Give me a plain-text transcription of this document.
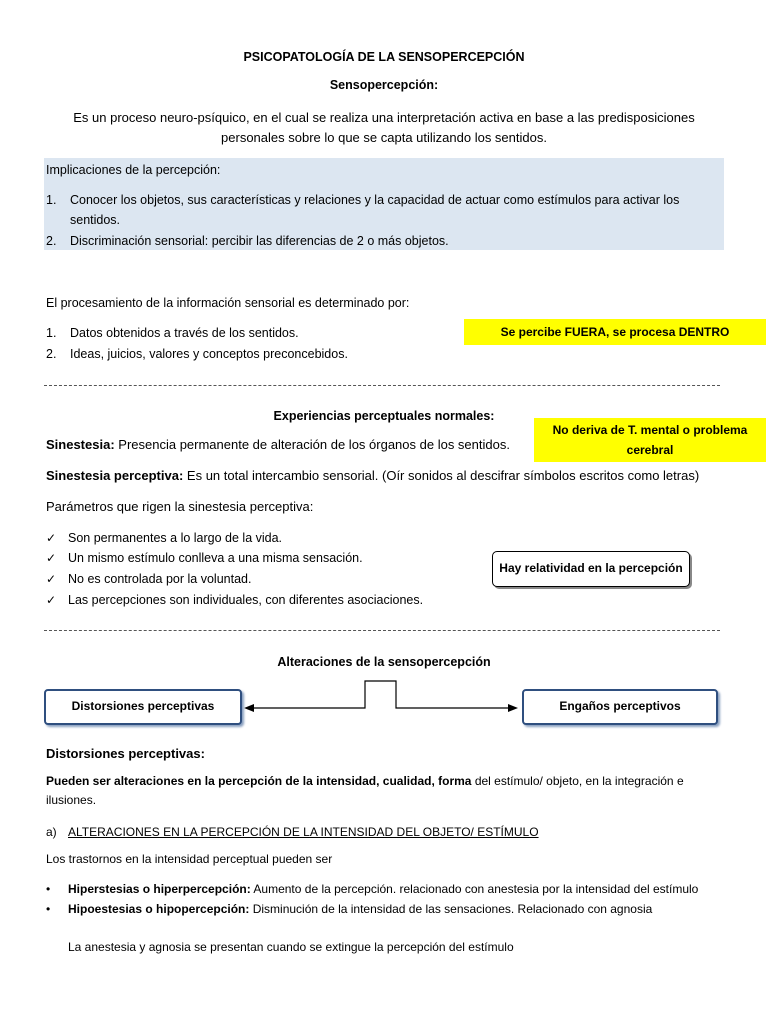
PSICOPATOLOGÍA DE LA SENSOPERCEPCIÓN
Sensopercepción:
Es un proceso neuro-psíquico, en el cual se realiza una interpretación activa en base a las predisposiciones personales sobre lo que se capta utilizando los sentidos.
Implicaciones de la percepción:
1. Conocer los objetos, sus características y relaciones y la capacidad de actuar como estímulos para activar los
sentidos.
2. Discriminación sensorial: percibir las diferencias de 2 o más objetos.
El procesamiento de la información sensorial es determinado por:
1. Datos obtenidos a través de los sentidos.
2. Ideas, juicios, valores y conceptos preconcebidos.
Se percibe FUERA, se procesa DENTRO
Experiencias perceptuales normales:
No deriva de T. mental o problema cerebral
Sinestesia: Presencia permanente de alteración de los órganos de los sentidos.
Sinestesia perceptiva: Es un total intercambio sensorial. (Oír sonidos al descifrar símbolos escritos como letras)
Parámetros que rigen la sinestesia perceptiva:
✓ Son permanentes a lo largo de la vida.
✓ Un mismo estímulo conlleva a una misma sensación.
✓ No es controlada por la voluntad.
✓ Las percepciones son individuales, con diferentes asociaciones.
Hay relatividad en la percepción
Alteraciones de la sensopercepción
Distorsiones perceptivas	Engaños perceptivos
Distorsiones perceptivas:
Pueden ser alteraciones en la percepción de la intensidad, cualidad, forma del estímulo/ objeto, en la integración e
ilusiones.
a) ALTERACIONES EN LA PERCEPCIÓN DE LA INTENSIDAD DEL OBJETO/ ESTÍMULO
Los trastornos en la intensidad perceptual pueden ser
• Hiperstesias o hiperpercepción: Aumento de la percepción. relacionado con anestesia por la intensidad del estímulo
• Hipoestesias o hipopercepción: Disminución de la intensidad de las sensaciones. Relacionado con agnosia
La anestesia y agnosia se presentan cuando se extingue la percepción del estímulo
